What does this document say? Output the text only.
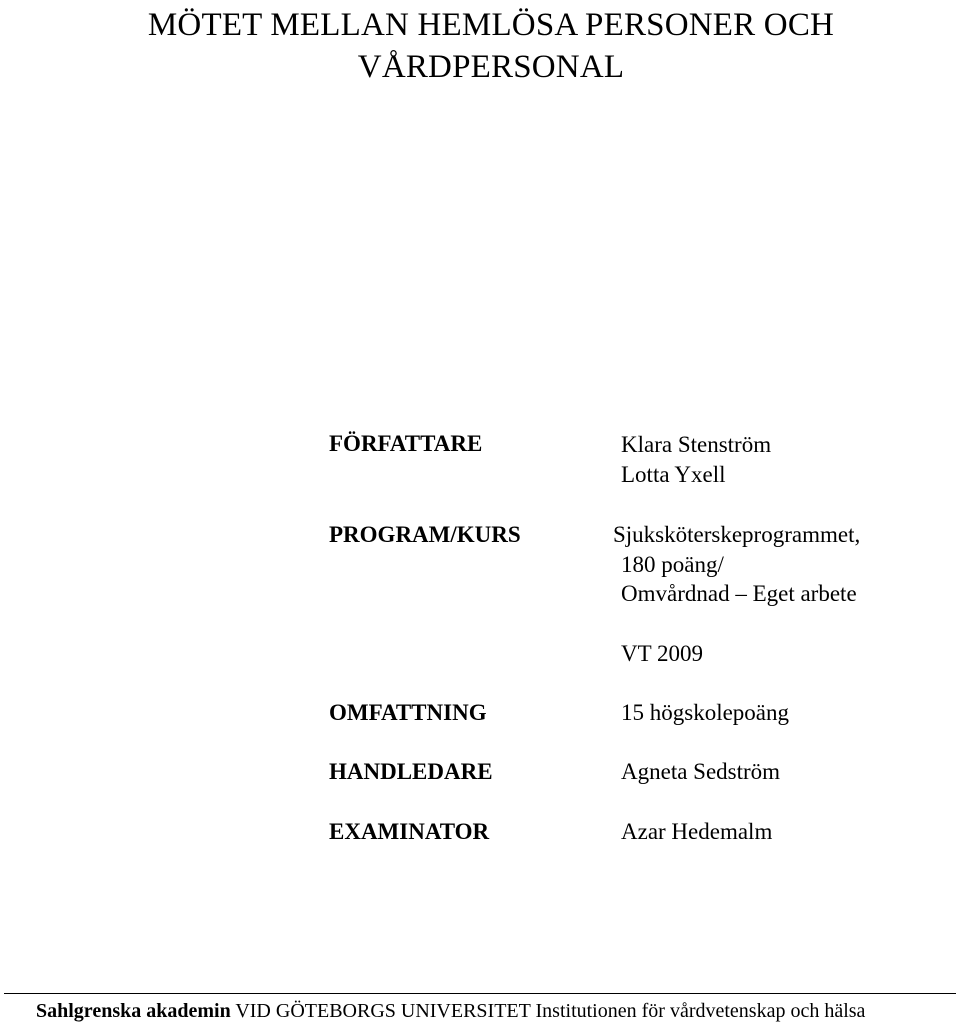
MÖTET MELLAN HEMLÖSA PERSONER OCH
VÅRDPERSONAL
FÖRFATTARE	Klara Stenström
Lotta Yxell
PROGRAM/KURS	Sjuksköterskeprogrammet,
180 poäng/
Omvårdnad – Eget arbete
VT 2009
OMFATTNING	15 högskolepoäng
HANDLEDARE	Agneta Sedström
EXAMINATOR	Azar Hedemalm
Sahlgrenska akademin VID GÖTEBORGS UNIVERSITET Institutionen för vårdvetenskap och hälsa
